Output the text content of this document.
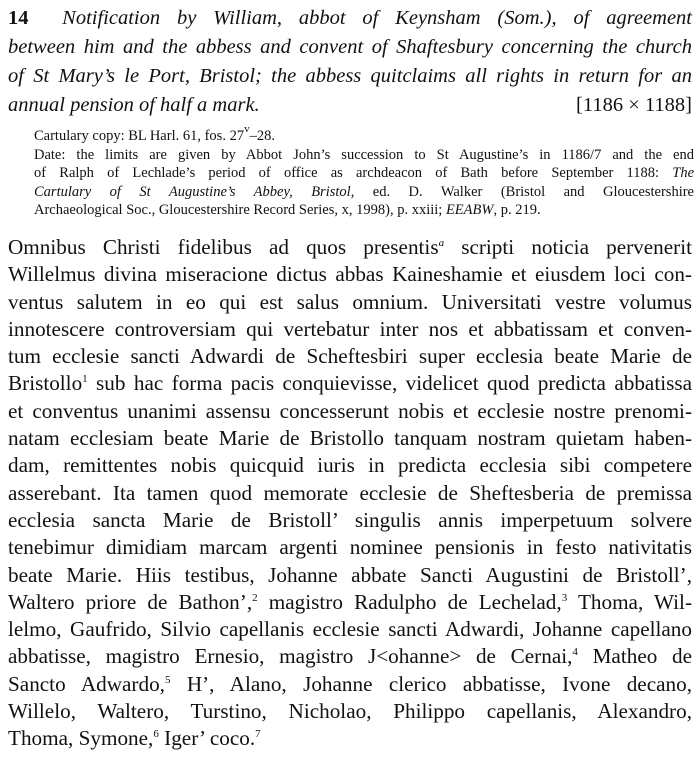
14 Notification by William, abbot of Keynsham (Som.), of agreement
between him and the abbess and convent of Shaftesbury concerning the church
of St Mary’s le Port, Bristol; the abbess quitclaims all rights in return for an
annual pension of half a mark.	[1186 × 1188]
Cartulary copy: BL Harl. 61, fos. 27$^v$–28.
Date: the limits are given by Abbot John’s succession to St Augustine’s in 1186/7 and the end
of Ralph of Lechlade’s period of office as archdeacon of Bath before September 1188: The
Cartulary of St Augustine’s Abbey, Bristol, ed. D. Walker (Bristol and Gloucestershire
Archaeological Soc., Gloucestershire Record Series, x, 1998), p. xxiii; EEABW, p. 219.
Omnibus Christi fidelibus ad quos presentis$^a$ scripti noticia pervenerit
Willelmus divina miseracione dictus abbas Kaineshamie et eiusdem loci con-
ventus salutem in eo qui est salus omnium. Universitati vestre volumus
innotescere controversiam qui vertebatur inter nos et abbatissam et conven-
tum ecclesie sancti Adwardi de Scheftesbiri super ecclesia beate Marie de
Bristollo$^1$ sub hac forma pacis conquievisse, videlicet quod predicta abbatissa
et conventus unanimi assensu concesserunt nobis et ecclesie nostre prenomi-
natam ecclesiam beate Marie de Bristollo tanquam nostram quietam haben-
dam, remittentes nobis quicquid iuris in predicta ecclesia sibi competere
asserebant. Ita tamen quod memorate ecclesie de Sheftesberia de premissa
ecclesia sancta Marie de Bristoll’ singulis annis imperpetuum solvere
tenebimur dimidiam marcam argenti nominee pensionis in festo nativitatis
beate Marie. Hiis testibus, Johanne abbate Sancti Augustini de Bristoll’,
Waltero priore de Bathon’,$^2$ magistro Radulpho de Lechelad,$^3$ Thoma, Wil-
lelmo, Gaufrido, Silvio capellanis ecclesie sancti Adwardi, Johanne capellano
abbatisse, magistro Ernesio, magistro J<ohanne> de Cernai,$^4$ Matheo de
Sancto Adwardo,$^5$ H’, Alano, Johanne clerico abbatisse, Ivone decano,
Willelo, Waltero, Turstino, Nicholao, Philippo capellanis, Alexandro,
Thoma, Symone,$^6$ Iger’ coco.$^7$
